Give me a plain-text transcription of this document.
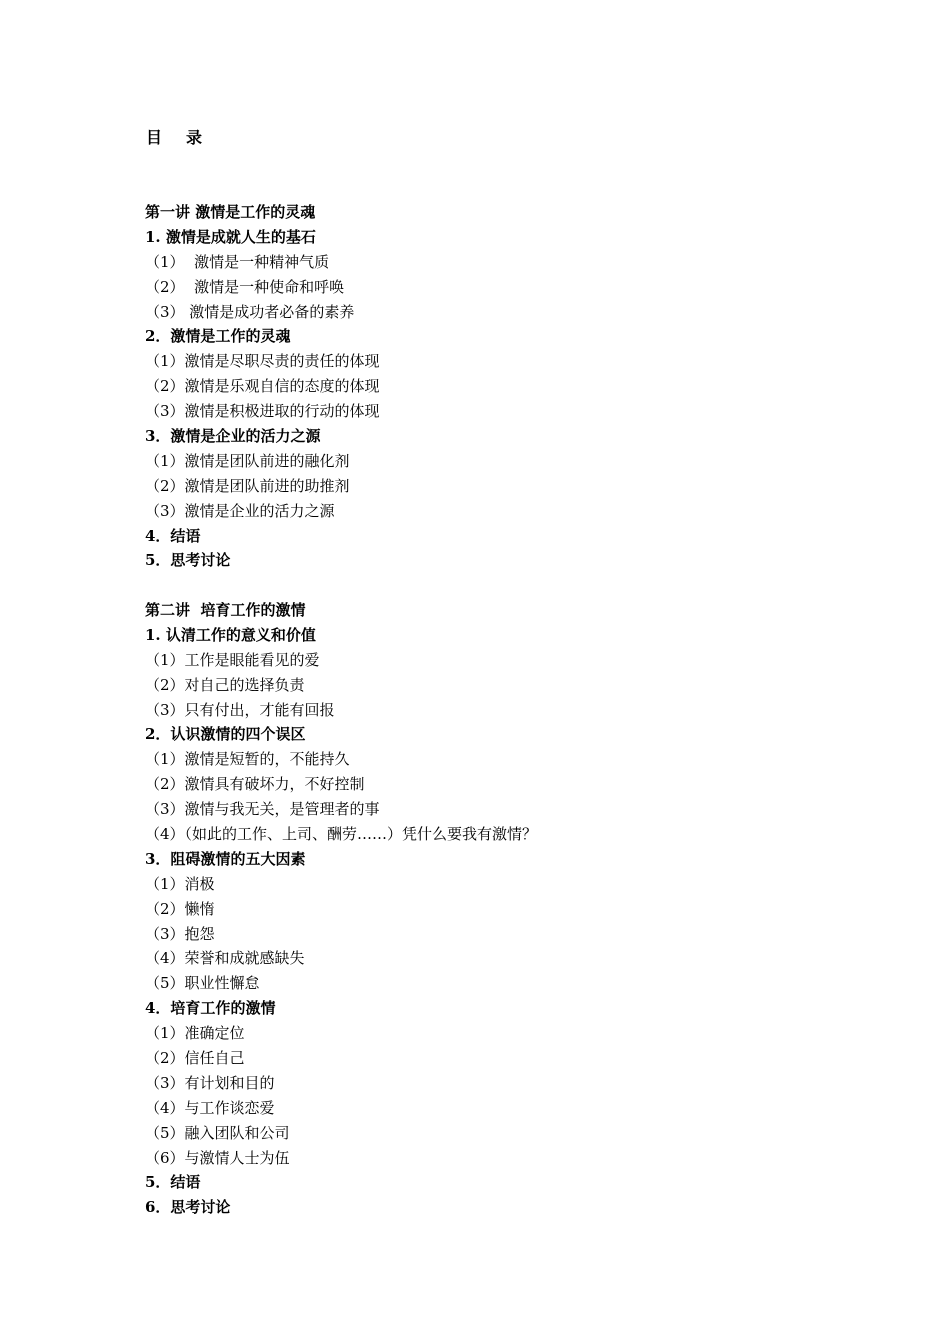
目 录
第一讲 激情是工作的灵魂
1. 激情是成就人生的基石
（1）  激情是一种精神气质
（2）  激情是一种使命和呼唤
（3） 激情是成功者必备的素养
2．激情是工作的灵魂
（1）激情是尽职尽责的责任的体现
（2）激情是乐观自信的态度的体现
（3）激情是积极进取的行动的体现
3．激情是企业的活力之源
（1）激情是团队前进的融化剂
（2）激情是团队前进的助推剂
（3）激情是企业的活力之源
4．结语
5．思考讨论
第二讲  培育工作的激情
1. 认清工作的意义和价值
（1）工作是眼能看见的爱
（2）对自己的选择负责
（3）只有付出，才能有回报
2．认识激情的四个误区
（1）激情是短暂的，不能持久
（2）激情具有破坏力，不好控制
（3）激情与我无关，是管理者的事
（4）（如此的工作、上司、酬劳……）凭什么要我有激情？
3．阻碍激情的五大因素
（1）消极
（2）懒惰
（3）抱怨
（4）荣誉和成就感缺失
（5）职业性懈怠
4．培育工作的激情
（1）准确定位
（2）信任自己
（3）有计划和目的
（4）与工作谈恋爱
（5）融入团队和公司
（6）与激情人士为伍
5．结语
6．思考讨论
